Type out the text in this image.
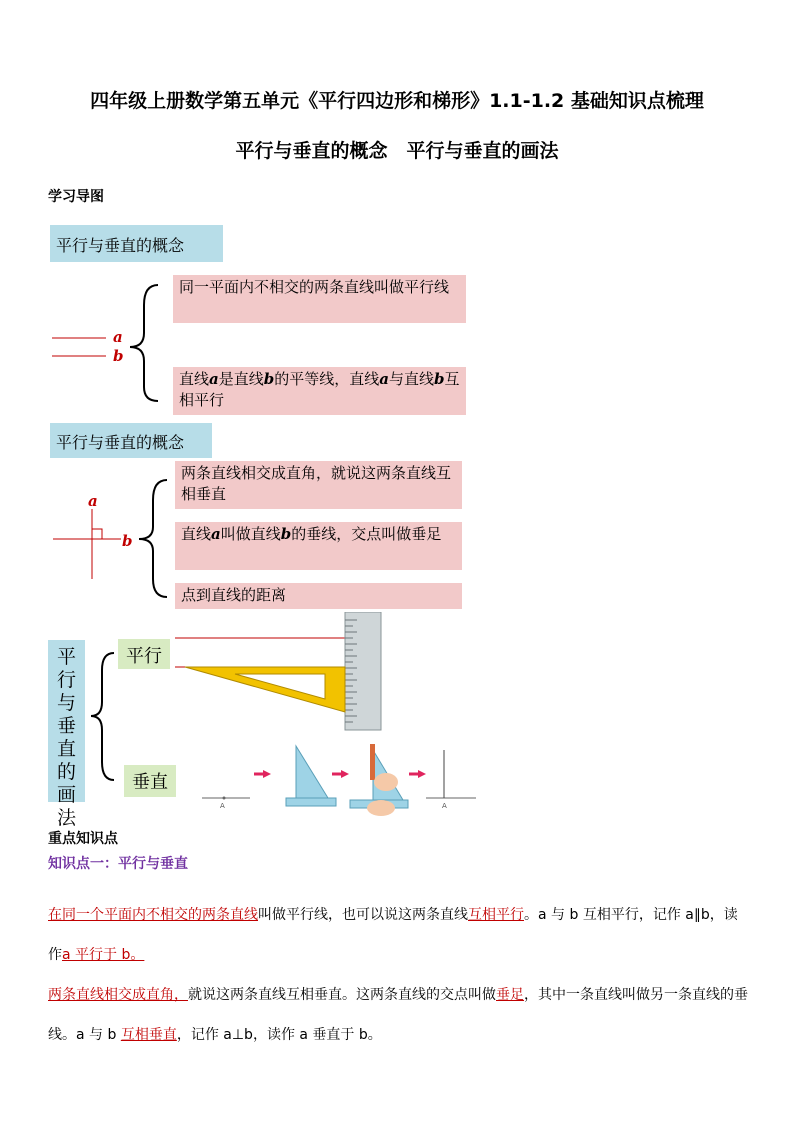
四年级上册数学第五单元《平行四边形和梯形》1.1-1.2 基础知识点梳理
平行与垂直的概念　平行与垂直的画法
学习导图
平行与垂直的概念
a
b
同一平面内不相交的两条直线叫做平行线
直线a是直线b的平等线，直线a与直线b互相平行
平行与垂直的概念
a
b
两条直线相交成直角，就说这两条直线互相垂直
直线a叫做直线b的垂线，交点叫做垂足
点到直线的距离
平
行
与
垂
直
的
画
法
平行
垂直
A	A
重点知识点
知识点一：平行与垂直
在同一个平面内不相交的两条直线叫做平行线，也可以说这两条直线互相平行。a 与 b 互相平行，记作 a∥b，读作a 平行于 b。
两条直线相交成直角，就说这两条直线互相垂直。这两条直线的交点叫做垂足，其中一条直线叫做另一条直线的垂线。a 与 b 互相垂直，记作 a⊥b，读作 a 垂直于 b。
